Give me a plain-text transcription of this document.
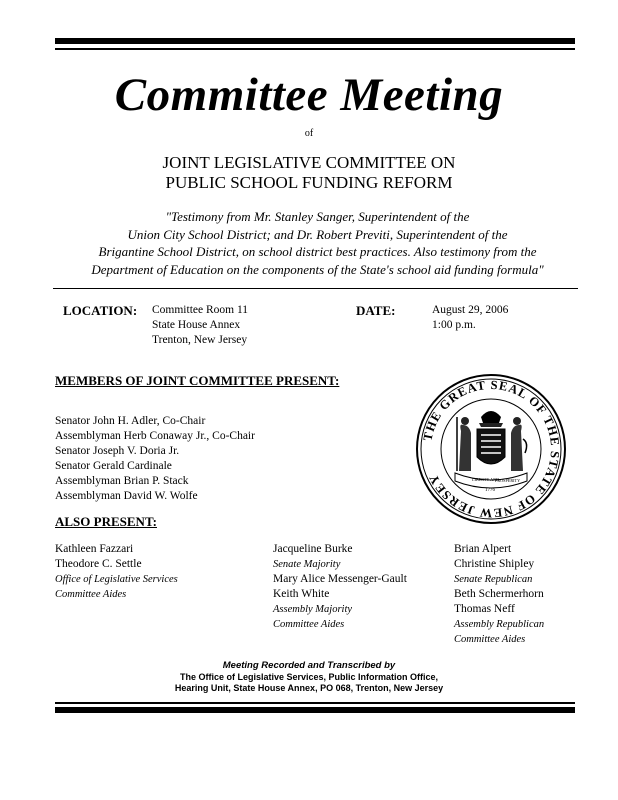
Committee Meeting
of
JOINT LEGISLATIVE COMMITTEE ON
PUBLIC SCHOOL FUNDING REFORM
"Testimony from Mr. Stanley Sanger, Superintendent of the
Union City School District; and Dr. Robert Previti, Superintendent of the
Brigantine School District, on school district best practices. Also testimony from the
Department of Education on the components of the State's school aid funding formula"
LOCATION: Committee Room 11
State House Annex
Trenton, New Jersey
DATE:	August 29, 2006
1:00 p.m.
MEMBERS OF JOINT COMMITTEE PRESENT:
Senator John H. Adler, Co-Chair
Assemblyman Herb Conaway Jr., Co-Chair
Senator Joseph V. Doria Jr.
Senator Gerald Cardinale
Assemblyman Brian P. Stack
Assemblyman David W. Wolfe
THE GREAT SEAL OF THE STATE OF NEW JERSEY	LIBERTY AND
PROSPERITY
1776
ALSO PRESENT:
Kathleen Fazzari
Theodore C. Settle
Office of Legislative Services
Committee Aides
Jacqueline Burke
Senate Majority
Mary Alice Messenger-Gault
Keith White
Assembly Majority
Committee Aides
Brian Alpert
Christine Shipley
Senate Republican
Beth Schermerhorn
Thomas Neff
Assembly Republican
Committee Aides
Meeting Recorded and Transcribed by
The Office of Legislative Services, Public Information Office,
Hearing Unit, State House Annex, PO 068, Trenton, New Jersey
